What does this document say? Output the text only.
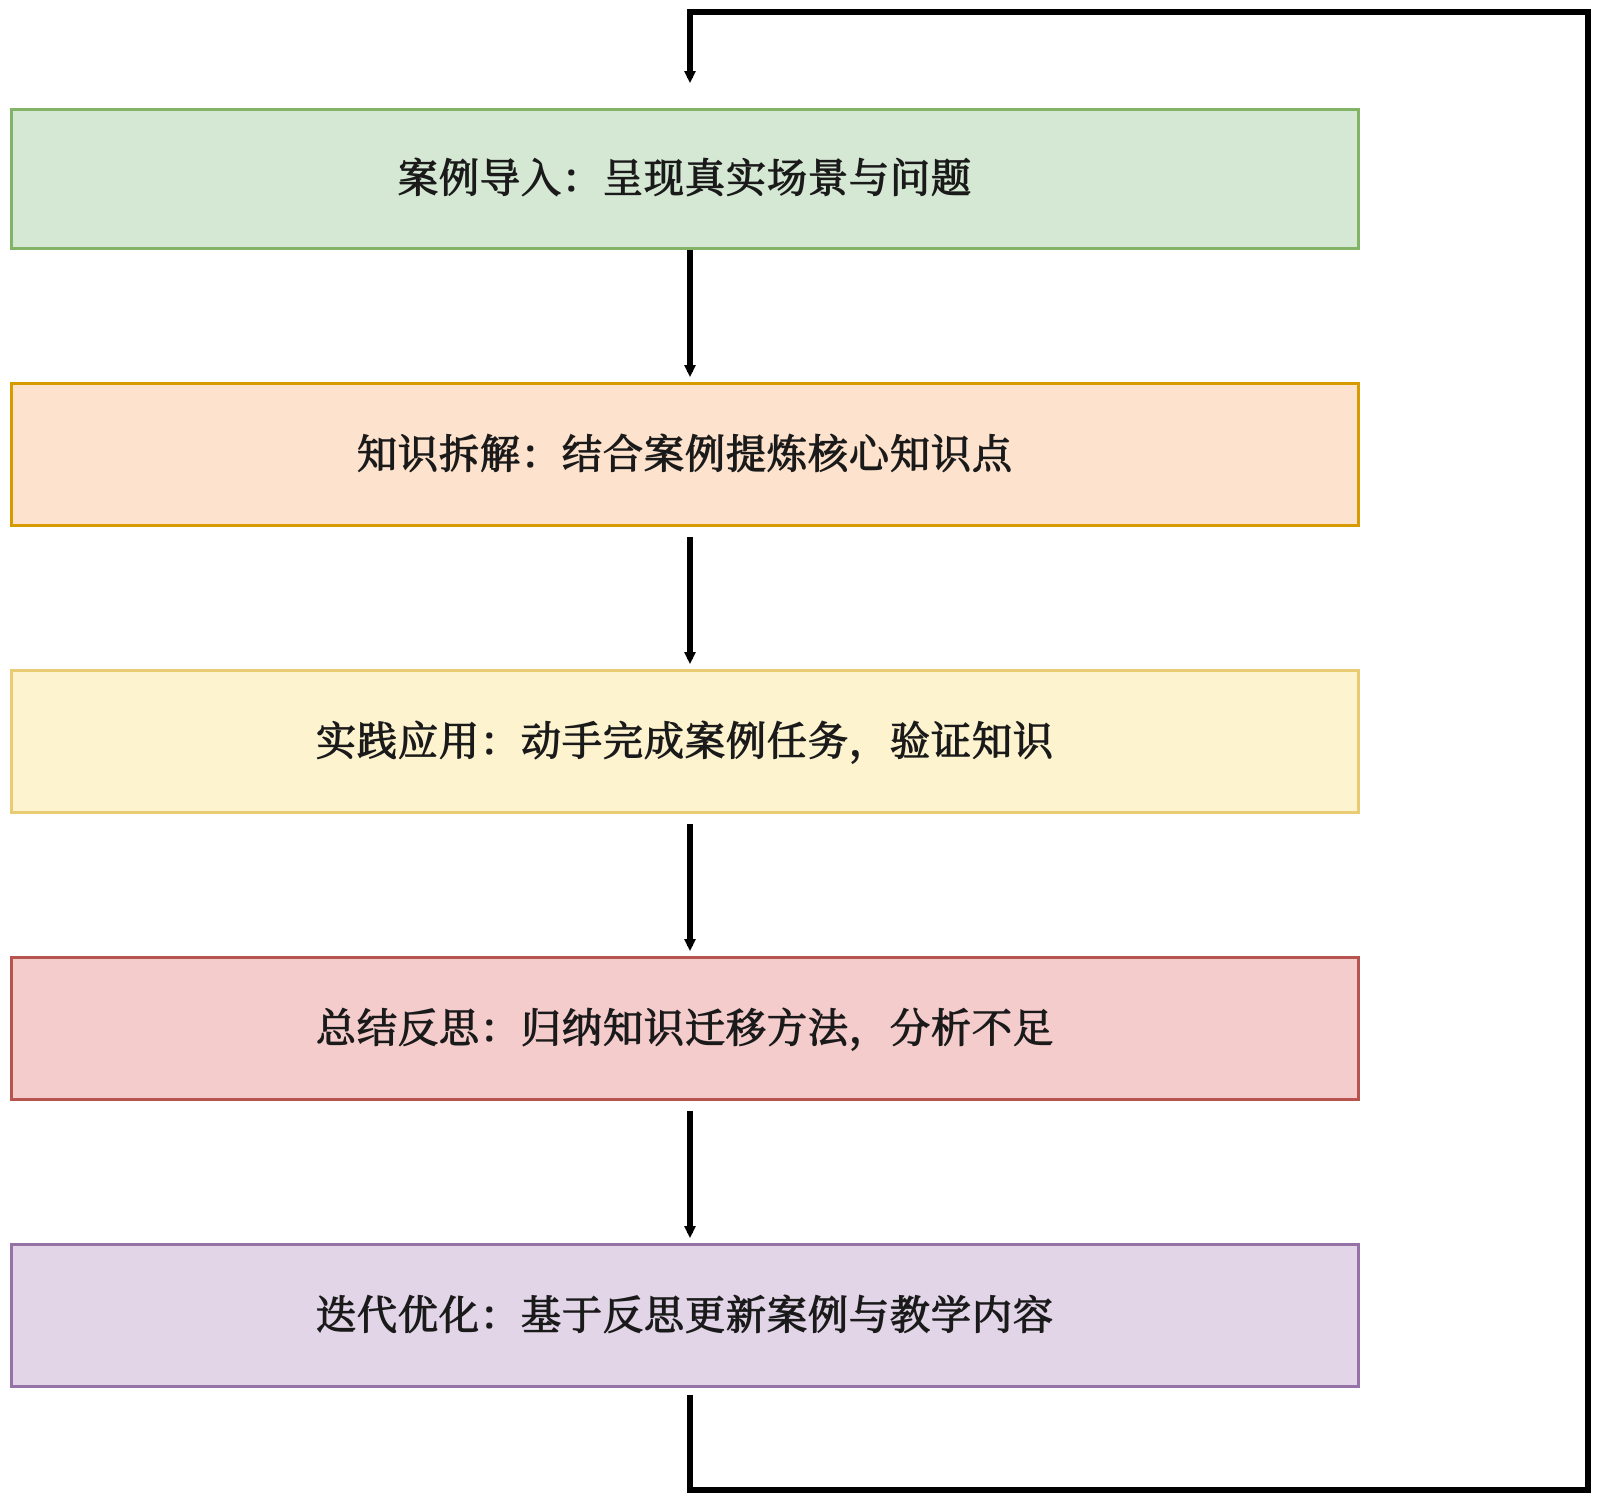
案例导入：呈现真实场景与问题
知识拆解：结合案例提炼核心知识点
实践应用：动手完成案例任务，验证知识
总结反思：归纳知识迁移方法，分析不足
迭代优化：基于反思更新案例与教学内容
